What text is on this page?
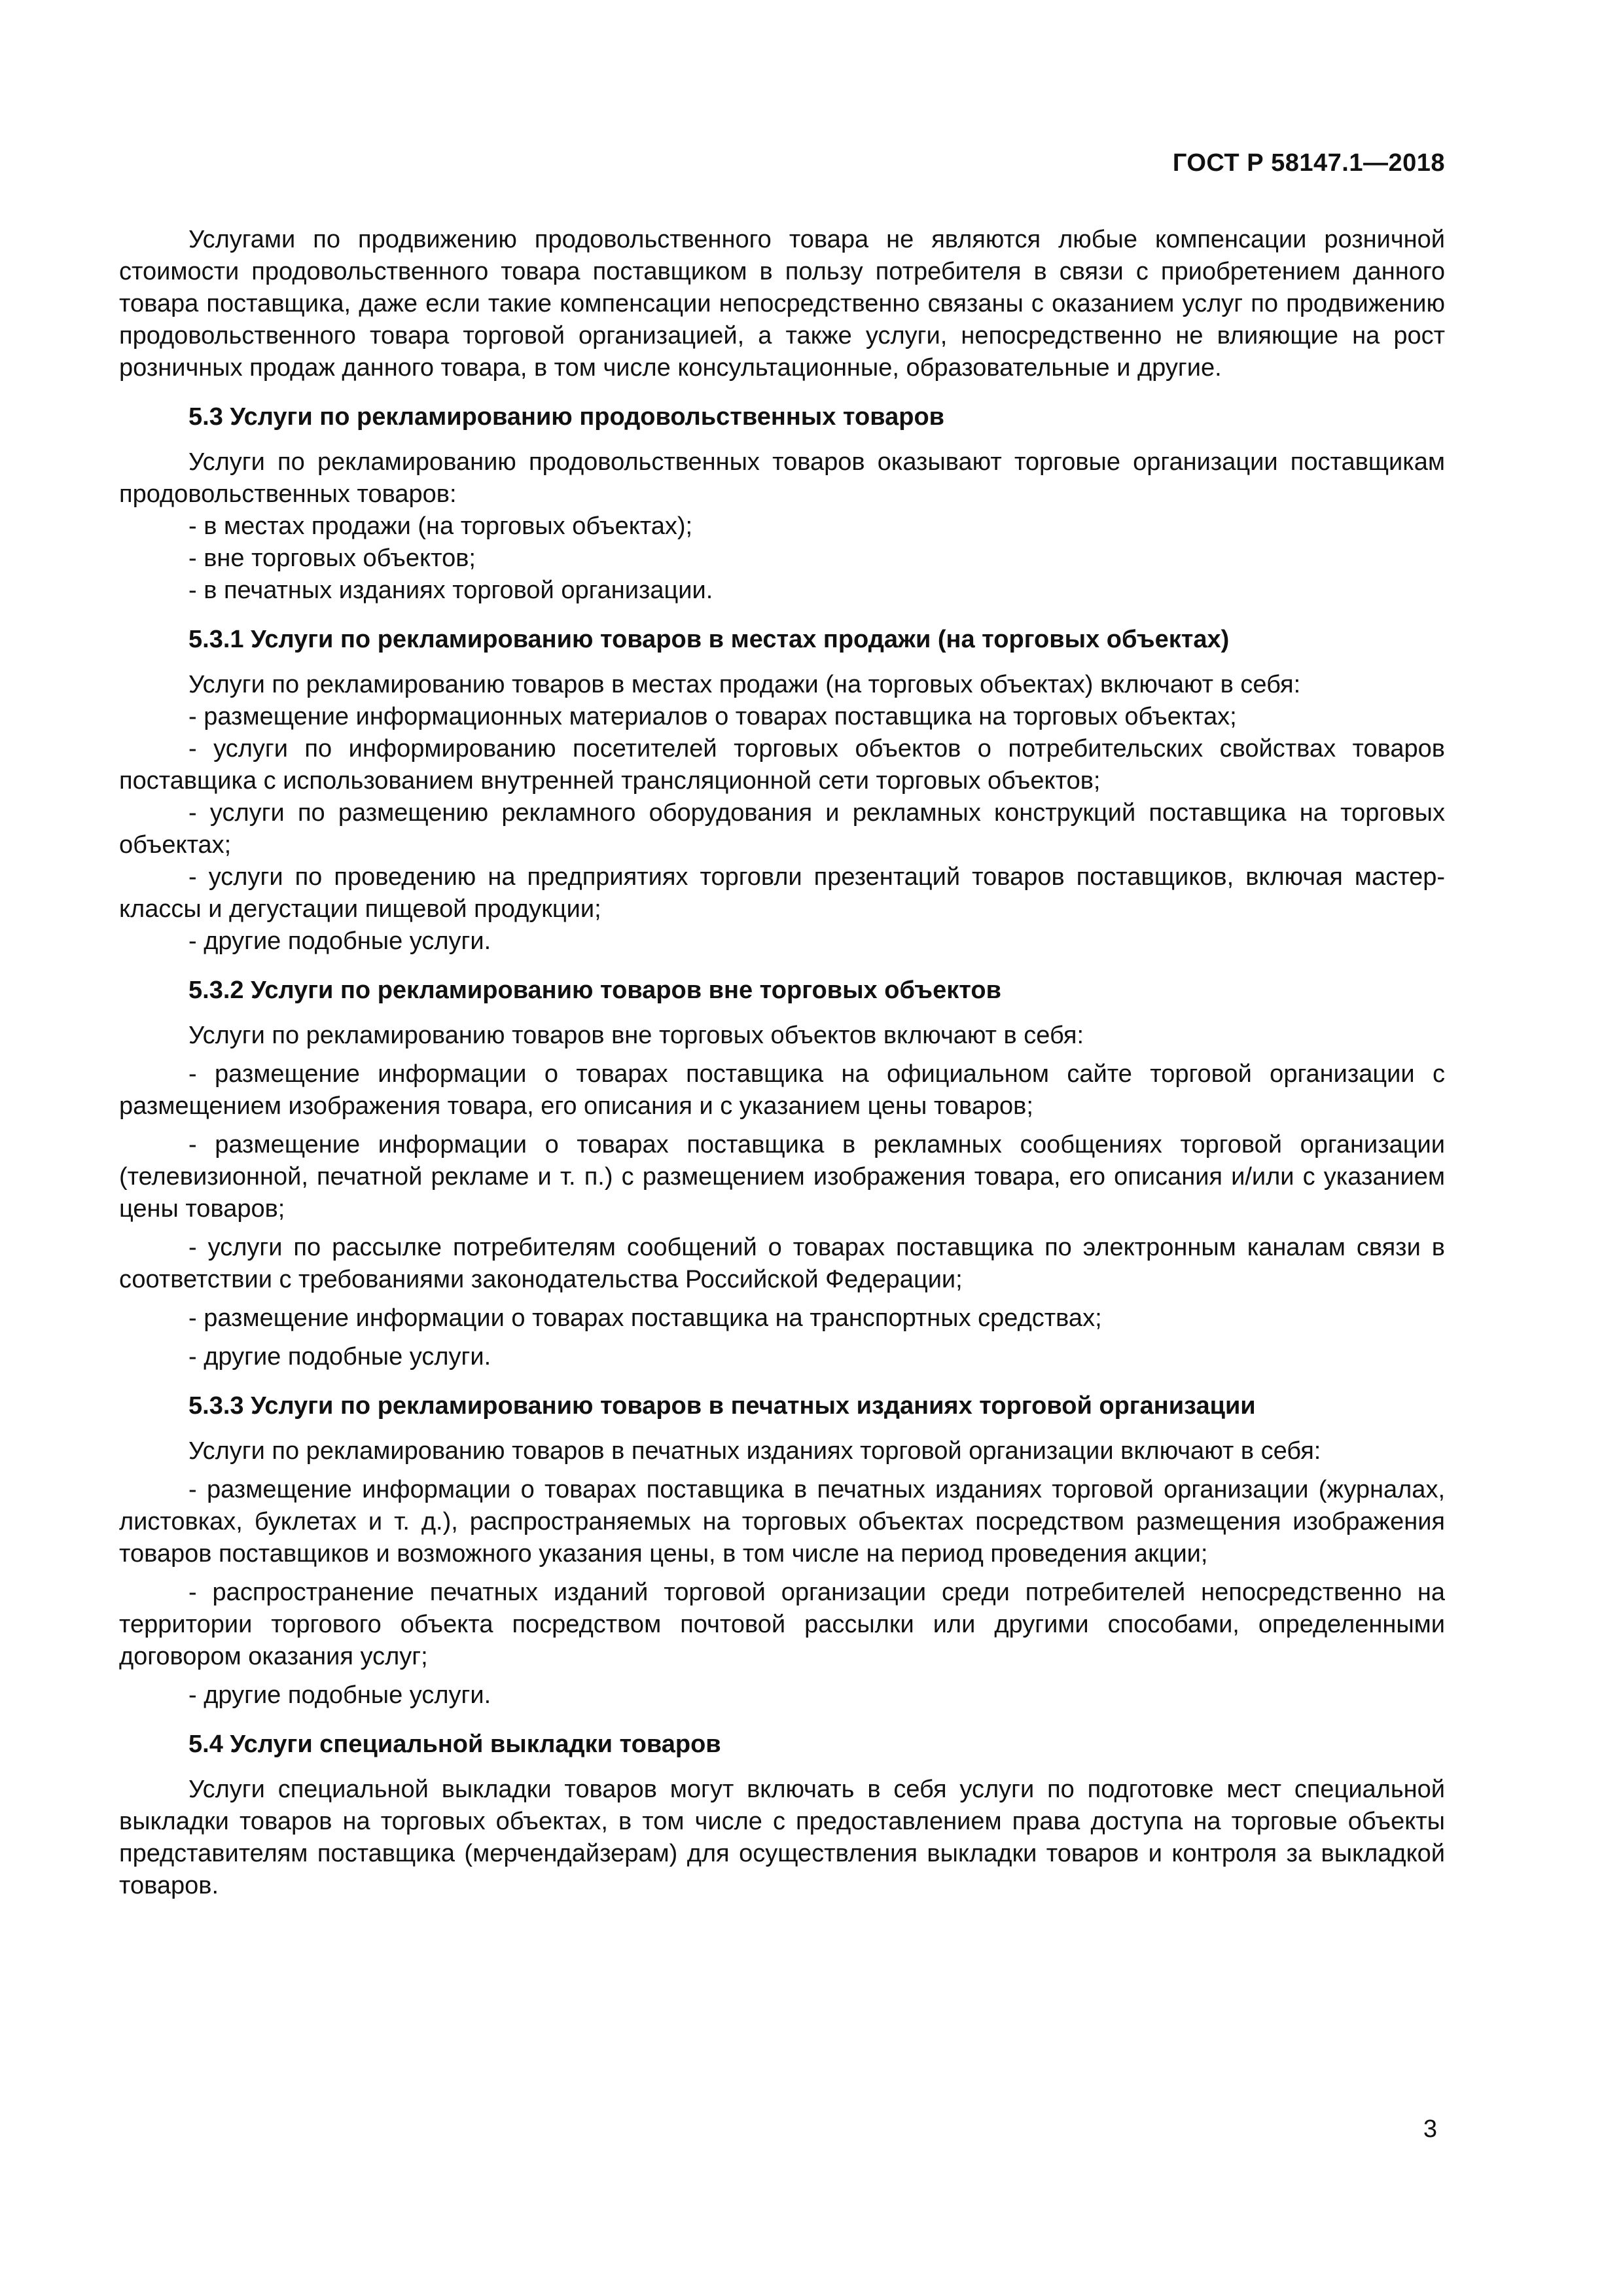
ГОСТ Р 58147.1—2018

Услугами по продвижению продовольственного товара не являются любые компенсации розничной стоимости продовольственного товара поставщиком в пользу потребителя в связи с приобретением данного товара поставщика, даже если такие компенсации непосредственно связаны с оказанием услуг по продвижению продовольственного товара торговой организацией, а также услуги, непосредственно не влияющие на рост розничных продаж данного товара, в том числе консультационные, образовательные и другие.

5.3 Услуги по рекламированию продовольственных товаров

Услуги по рекламированию продовольственных товаров оказывают торговые организации поставщикам продовольственных товаров:

- в местах продажи (на торговых объектах);

- вне торговых объектов;

- в печатных изданиях торговой организации.

5.3.1 Услуги по рекламированию товаров в местах продажи (на торговых объектах)

Услуги по рекламированию товаров в местах продажи (на торговых объектах) включают в себя:

- размещение информационных материалов о товарах поставщика на торговых объектах;

- услуги по информированию посетителей торговых объектов о потребительских свойствах товаров поставщика с использованием внутренней трансляционной сети торговых объектов;

- услуги по размещению рекламного оборудования и рекламных конструкций поставщика на торговых объектах;

- услуги по проведению на предприятиях торговли презентаций товаров поставщиков, включая мастер-классы и дегустации пищевой продукции;

- другие подобные услуги.

5.3.2 Услуги по рекламированию товаров вне торговых объектов

Услуги по рекламированию товаров вне торговых объектов включают в себя:

- размещение информации о товарах поставщика на официальном сайте торговой организации с размещением изображения товара, его описания и с указанием цены товаров;

- размещение информации о товарах поставщика в рекламных сообщениях торговой организации (телевизионной, печатной рекламе и т. п.) с размещением изображения товара, его описания и/или с указанием цены товаров;

- услуги по рассылке потребителям сообщений о товарах поставщика по электронным каналам связи в соответствии с требованиями законодательства Российской Федерации;

- размещение информации о товарах поставщика на транспортных средствах;

- другие подобные услуги.

5.3.3 Услуги по рекламированию товаров в печатных изданиях торговой организации

Услуги по рекламированию товаров в печатных изданиях торговой организации включают в себя:

- размещение информации о товарах поставщика в печатных изданиях торговой организации (журналах, листовках, буклетах и т. д.), распространяемых на торговых объектах посредством размещения изображения товаров поставщиков и возможного указания цены, в том числе на период проведения акции;

- распространение печатных изданий торговой организации среди потребителей непосредственно на территории торгового объекта посредством почтовой рассылки или другими способами, определенными договором оказания услуг;

- другие подобные услуги.

5.4 Услуги специальной выкладки товаров

Услуги специальной выкладки товаров могут включать в себя услуги по подготовке мест специальной выкладки товаров на торговых объектах, в том числе с предоставлением права доступа на торговые объекты представителям поставщика (мерчендайзерам) для осуществления выкладки товаров и контроля за выкладкой товаров.

3
